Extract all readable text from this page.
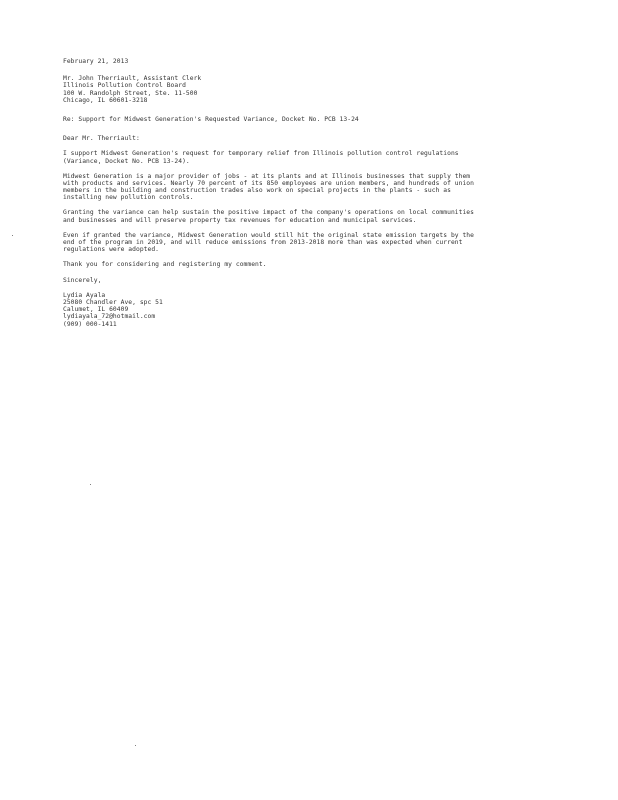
February 21, 2013
Mr. John Therriault, Assistant Clerk
Illinois Pollution Control Board
100 W. Randolph Street, Ste. 11-500
Chicago, IL 60601-3218
Re: Support for Midwest Generation's Requested Variance, Docket No. PCB 13-24
Dear Mr. Therriault:
I support Midwest Generation's request for temporary relief from Illinois pollution control regulations
(Variance, Docket No. PCB 13-24).
Midwest Generation is a major provider of jobs - at its plants and at Illinois businesses that supply them
with products and services. Nearly 70 percent of its 850 employees are union members, and hundreds of union
members in the building and construction trades also work on special projects in the plants - such as
installing new pollution controls.
Granting the variance can help sustain the positive impact of the company's operations on local communities
and businesses and will preserve property tax revenues for education and municipal services.
Even if granted the variance, Midwest Generation would still hit the original state emission targets by the
end of the program in 2019, and will reduce emissions from 2013-2018 more than was expected when current
regulations were adopted.
Thank you for considering and registering my comment.
Sincerely,
Lydia Ayala
25080 Chandler Ave, spc 51
Calumet, IL 60409
lydiayala_72@hotmail.com
(909) 000-1411
